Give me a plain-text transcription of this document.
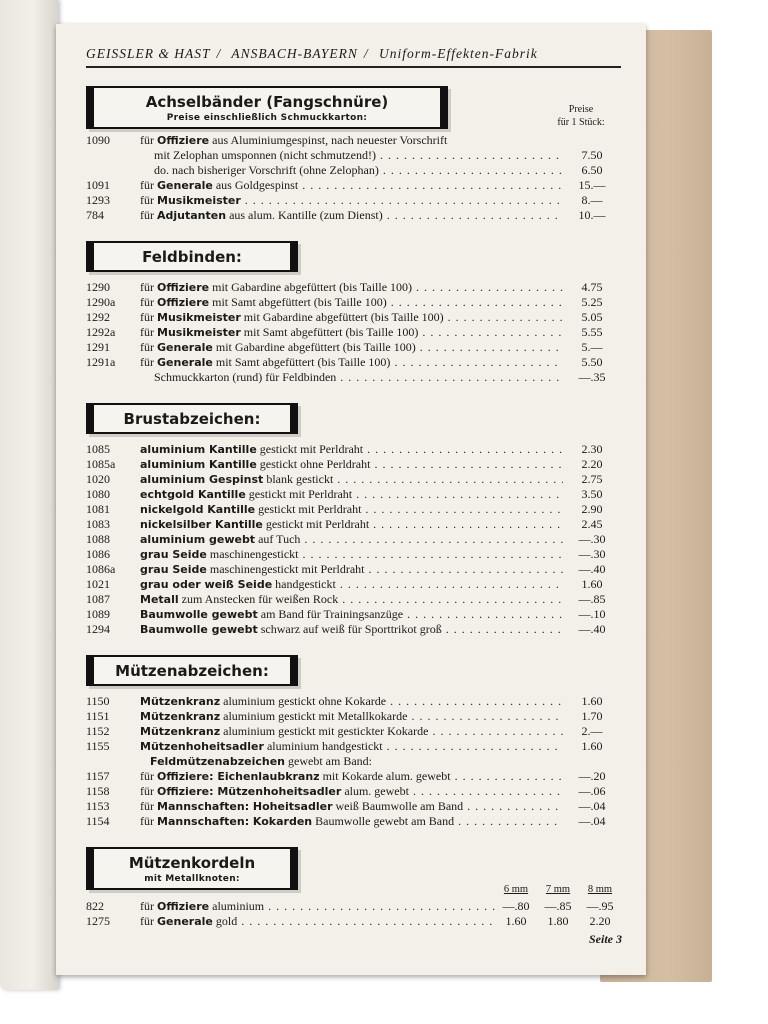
GEISSLER & HAST / ANSBACH-BAYERN / Uniform-Effekten-Fabrik
Achselbänder (Fangschnüre)
Preise einschließlich Schmuckkarton:
Preise
für 1 Stück:
1090	für Offiziere aus Aluminiumgespinst, nach neuester Vorschrift
mit Zelophan umsponnen (nicht schmutzend!) . . .	7.50
do. nach bisheriger Vorschrift (ohne Zelophan) . . .	6.50
1091	für Generale aus Goldgespinst . . .	15.—
1293	für Musikmeister . . .	8.—
784	für Adjutanten aus alum. Kantille (zum Dienst) . . .	10.—
Feldbinden:
1290	für Offiziere mit Gabardine abgefüttert (bis Taille 100) . . .	4.75
1290a	für Offiziere mit Samt abgefüttert (bis Taille 100) . . .	5.25
1292	für Musikmeister mit Gabardine abgefüttert (bis Taille 100) . . .	5.05
1292a	für Musikmeister mit Samt abgefüttert (bis Taille 100) . . .	5.55
1291	für Generale mit Gabardine abgefüttert (bis Taille 100) . . .	5.—
1291a	für Generale mit Samt abgefüttert (bis Taille 100) . . .	5.50
Schmuckkarton (rund) für Feldbinden . . .	—.35
Brustabzeichen:
1085	aluminium Kantille gestickt mit Perldraht . . .	2.30
1085a	aluminium Kantille gestickt ohne Perldraht . . .	2.20
1020	aluminium Gespinst blank gestickt . . .	2.75
1080	echtgold Kantille gestickt mit Perldraht . . .	3.50
1081	nickelgold Kantille gestickt mit Perldraht . . .	2.90
1083	nickelsilber Kantille gestickt mit Perldraht . . .	2.45
1088	aluminium gewebt auf Tuch . . .	—.30
1086	grau Seide maschinengestickt . . .	—.30
1086a	grau Seide maschinengestickt mit Perldraht . . .	—.40
1021	grau oder weiß Seide handgestickt . . .	1.60
1087	Metall zum Anstecken für weißen Rock . . .	—.85
1089	Baumwolle gewebt am Band für Trainingsanzüge . . .	—.10
1294	Baumwolle gewebt schwarz auf weiß für Sporttrikot groß . . .	—.40
Mützenabzeichen:
1150	Mützenkranz aluminium gestickt ohne Kokarde . . .	1.60
1151	Mützenkranz aluminium gestickt mit Metallkokarde . . .	1.70
1152	Mützenkranz aluminium gestickt mit gestickter Kokarde . . .	2.—
1155	Mützenhoheitsadler aluminium handgestickt . . .	1.60
Feldmützenabzeichen gewebt am Band:
1157	für Offiziere: Eichenlaubkranz mit Kokarde alum. gewebt . . .	—.20
1158	für Offiziere: Mützenhoheitsadler alum. gewebt . . .	—.06
1153	für Mannschaften: Hoheitsadler weiß Baumwolle am Band . . .	—.04
1154	für Mannschaften: Kokarden Baumwolle gewebt am Band . . .	—.04
Mützenkordeln
mit Metallknoten:
6 mm	7 mm	8 mm
822	für Offiziere aluminium . . .	—.80	—.85	—.95
1275	für Generale gold . . .	1.60	1.80	2.20
Seite 3
